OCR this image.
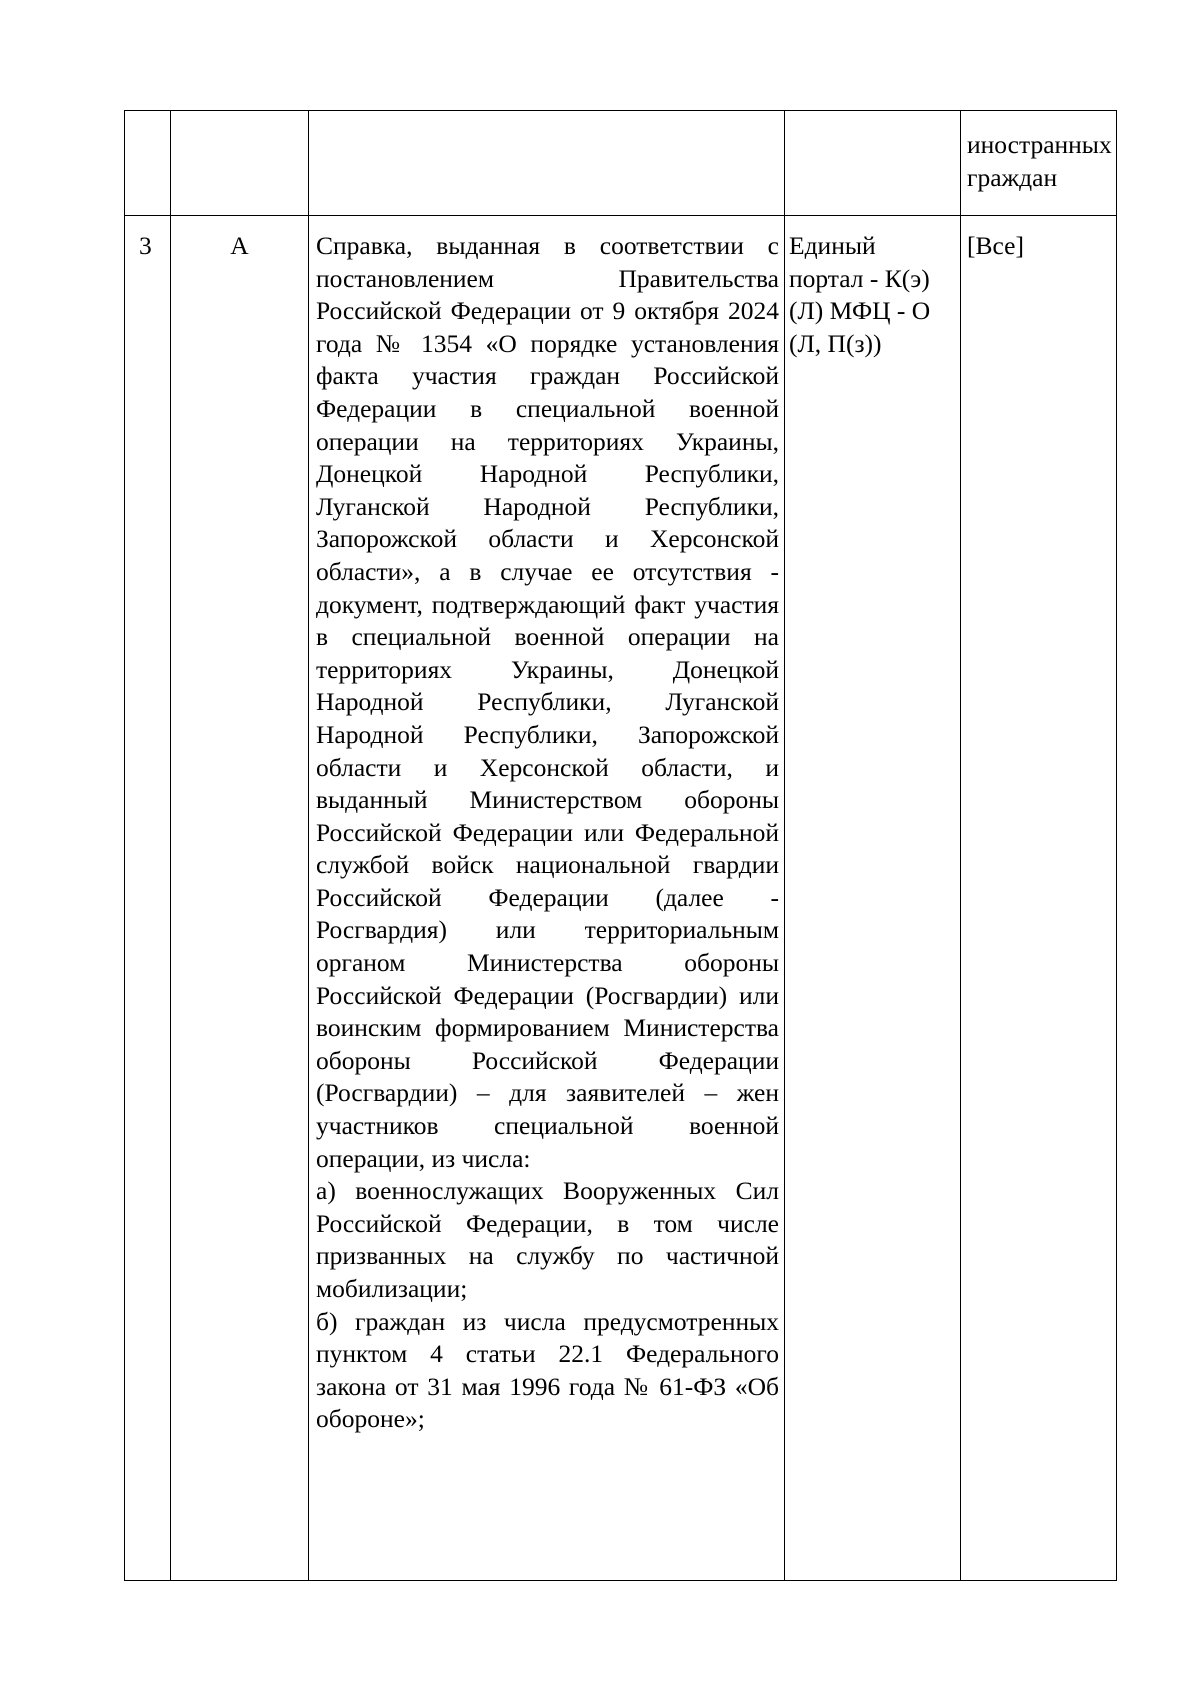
				иностранных граждан
3	А	Справка, выданная в соответствии с постановлением Правительства Российской Федерации от 9 октября 2024 года № 1354 «О порядке установления факта участия граждан Российской Федерации в специальной военной операции на территориях Украины, Донецкой Народной Республики, Луганской Народной Республики, Запорожской области и Херсонской области», а в случае ее отсутствия - документ, подтверждающий факт участия в специальной военной операции на территориях Украины, Донецкой Народной Республики, Луганской Народной Республики, Запорожской области и Херсонской области, и выданный Министерством обороны Российской Федерации или Федеральной службой войск национальной гвардии Российской Федерации (далее - Росгвардия) или территориальным органом Министерства обороны Российской Федерации (Росгвардии) или воинским формированием Министерства обороны Российской Федерации (Росгвардии) – для заявителей – жен участников специальной военной операции, из числа:
а) военнослужащих Вооруженных Сил Российской Федерации, в том числе призванных на службу по частичной мобилизации;
б) граждан из числа предусмотренных пунктом 4 статьи 22.1 Федерального закона от 31 мая 1996 года № 61-ФЗ «Об обороне»;	Единый портал - К(э) (Л) МФЦ - О (Л, П(з))	[Все]
